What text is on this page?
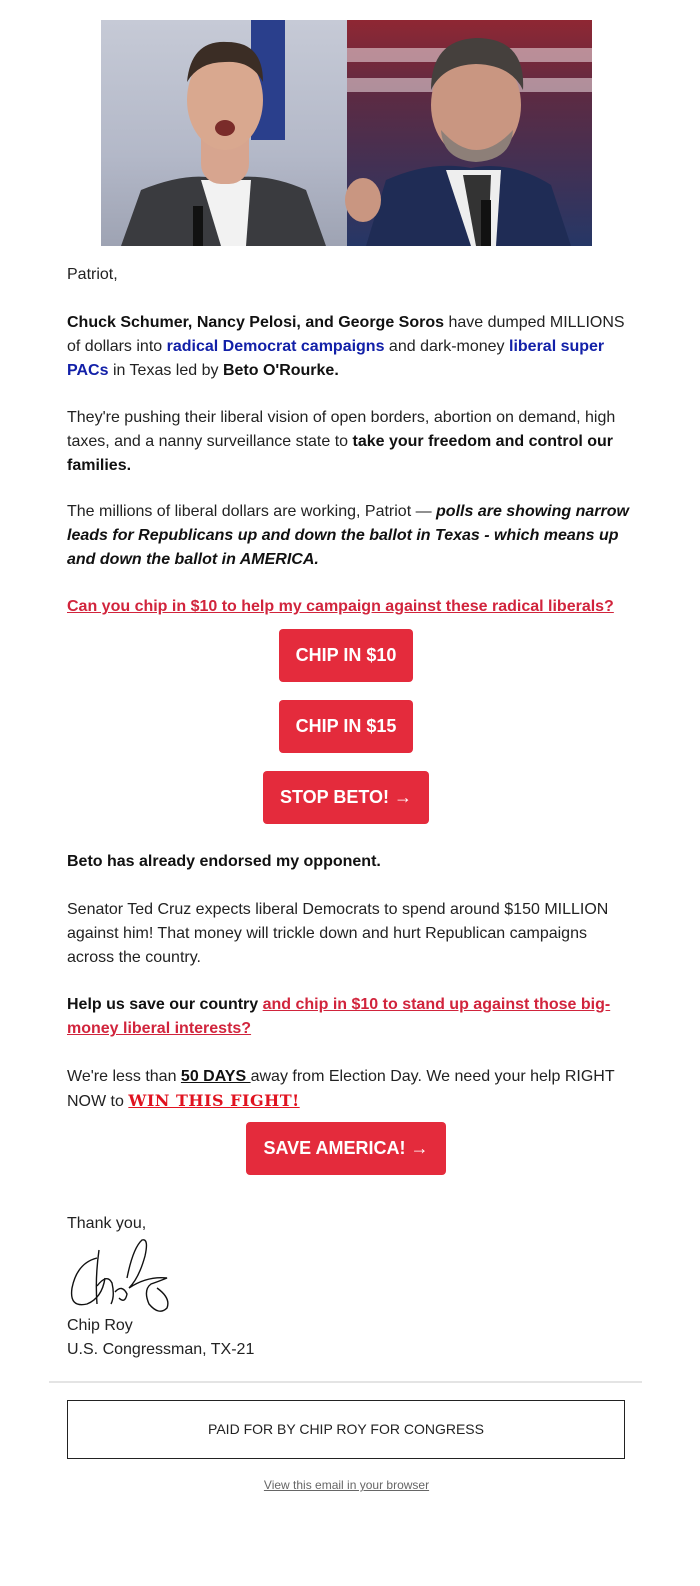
Patriot,

Chuck Schumer, Nancy Pelosi, and George Soros have dumped MILLIONS of dollars into radical Democrat campaigns and dark-money liberal super PACs in Texas led by Beto O'Rourke.

They're pushing their liberal vision of open borders, abortion on demand, high taxes, and a nanny surveillance state to take your freedom and control our families.

The millions of liberal dollars are working, Patriot — polls are showing narrow leads for Republicans up and down the ballot in Texas - which means up and down the ballot in AMERICA.

Can you chip in $10 to help my campaign against these radical liberals?

CHIP IN $10
CHIP IN $15
STOP BETO! →

Beto has already endorsed my opponent.

Senator Ted Cruz expects liberal Democrats to spend around $150 MILLION against him! That money will trickle down and hurt Republican campaigns across the country.

Help us save our country and chip in $10 to stand up against those big-money liberal interests?

We're less than 50 DAYS away from Election Day. We need your help RIGHT NOW to WIN THIS FIGHT!

SAVE AMERICA! →

Thank you,

Chip Roy

U.S. Congressman, TX-21

PAID FOR BY CHIP ROY FOR CONGRESS
View this email in your browser
